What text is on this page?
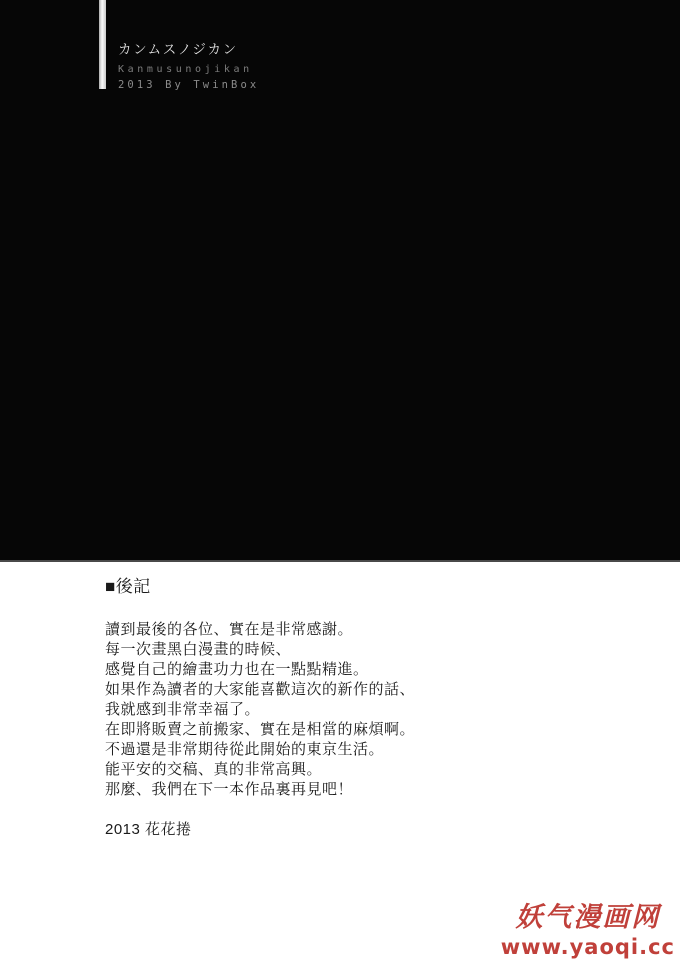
カンムスノジカン
Kanmusunojikan
2013 By TwinBox
■後記
讀到最後的各位、實在是非常感謝。
每一次畫黑白漫畫的時候、
感覺自己的繪畫功力也在一點點精進。
如果作為讀者的大家能喜歡這次的新作的話、
我就感到非常幸福了。
在即將販賣之前搬家、實在是相當的麻煩啊。
不過還是非常期待從此開始的東京生活。
能平安的交稿、真的非常高興。
那麼、我們在下一本作品裏再見吧！
2013 花花捲
妖气漫画网
www.yaoqi.cc
